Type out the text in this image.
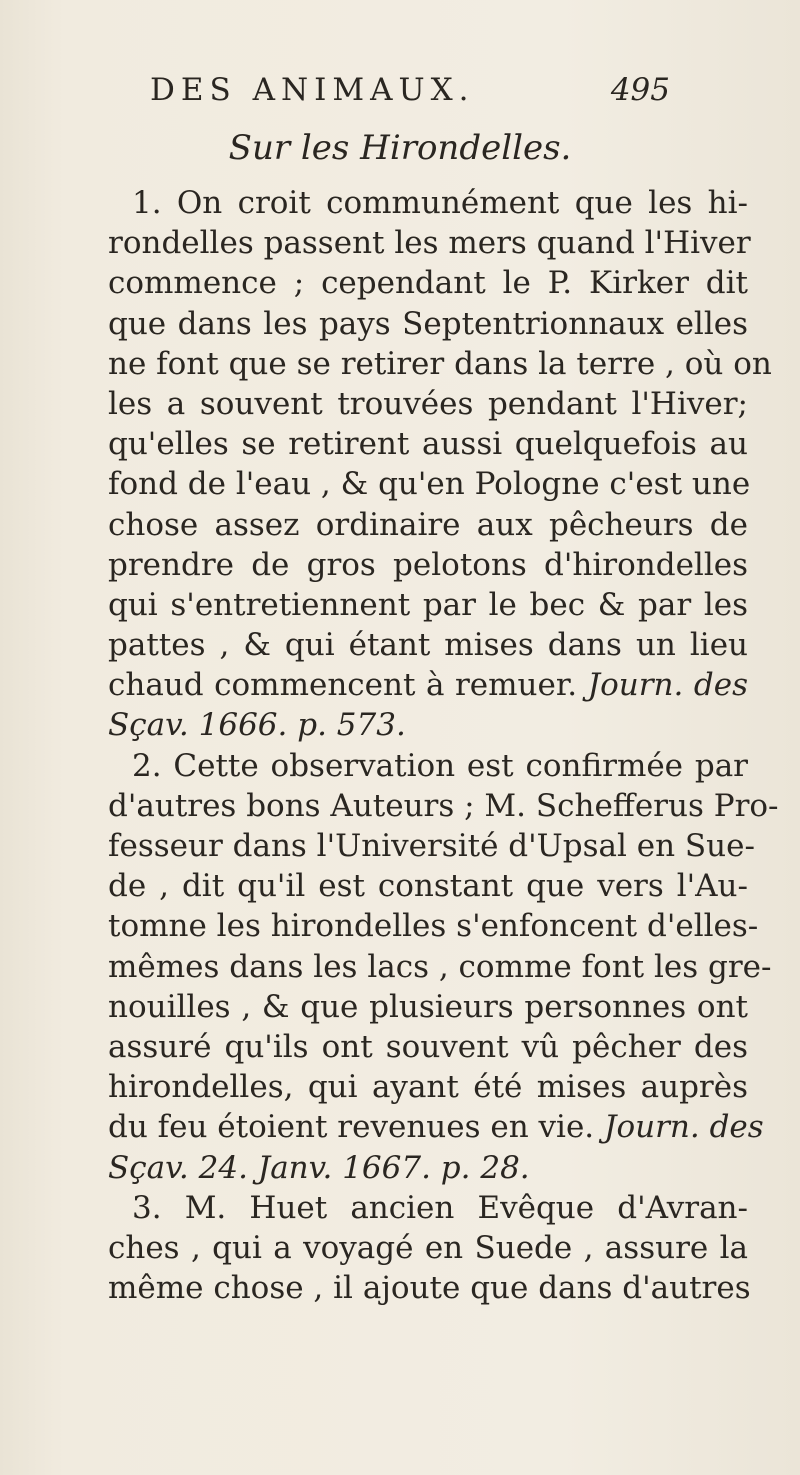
DES ANIMAUX.	495
Sur les Hirondelles.
1. On croit communément que les hi-
rondelles passent les mers quand l'Hiver
commence ; cependant le P. Kirker dit
que dans les pays Septentrionnaux elles
ne font que se retirer dans la terre , où on
les a souvent trouvées pendant l'Hiver;
qu'elles se retirent aussi quelquefois au
fond de l'eau , & qu'en Pologne c'est une
chose assez ordinaire aux pêcheurs de
prendre de gros pelotons d'hirondelles
qui s'entretiennent par le bec & par les
pattes , & qui étant mises dans un lieu
chaud commencent à remuer. Journ. des
Sçav. 1666. p. 573.
2. Cette observation est confirmée par
d'autres bons Auteurs ; M. Schefferus Pro-
fesseur dans l'Université d'Upsal en Sue-
de , dit qu'il est constant que vers l'Au-
tomne les hirondelles s'enfoncent d'elles-
mêmes dans les lacs , comme font les gre-
nouilles , & que plusieurs personnes ont
assuré qu'ils ont souvent vû pêcher des
hirondelles, qui ayant été mises auprès
du feu étoient revenues en vie. Journ. des
Sçav. 24. Janv. 1667. p. 28.
3. M. Huet ancien Evêque d'Avran-
ches , qui a voyagé en Suede , assure la
même chose , il ajoute que dans d'autres
